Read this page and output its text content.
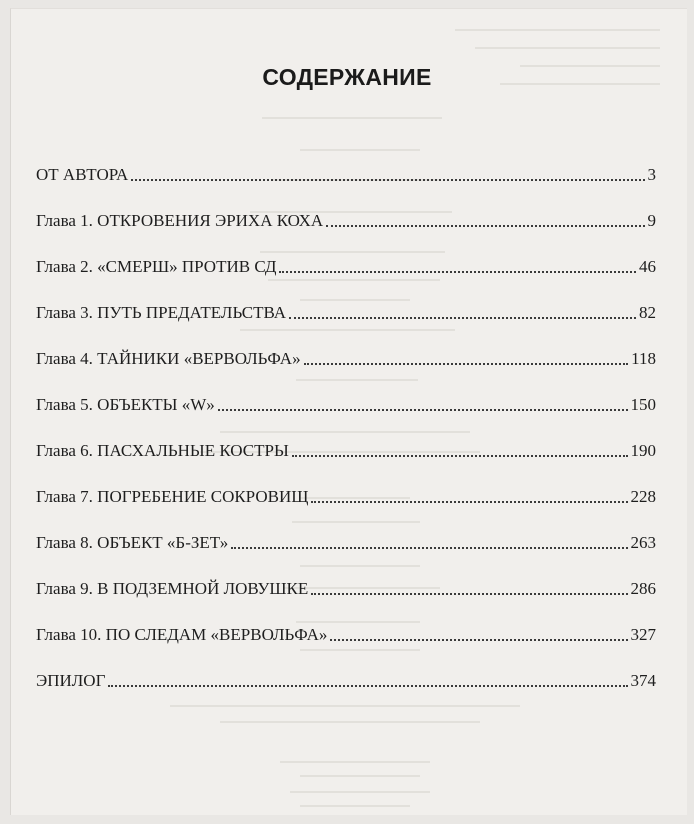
СОДЕРЖАНИЕ
ОТ АВТОРА	3
Глава 1. ОТКРОВЕНИЯ ЭРИХА КОХА	9
Глава 2. «СМЕРШ» ПРОТИВ СД	46
Глава 3. ПУТЬ ПРЕДАТЕЛЬСТВА	82
Глава 4. ТАЙНИКИ «ВЕРВОЛЬФА»	118
Глава 5. ОБЪЕКТЫ «W»	150
Глава 6. ПАСХАЛЬНЫЕ КОСТРЫ	190
Глава 7. ПОГРЕБЕНИЕ СОКРОВИЩ	228
Глава 8. ОБЪЕКТ «Б-ЗЕТ»	263
Глава 9. В ПОДЗЕМНОЙ ЛОВУШКЕ	286
Глава 10. ПО СЛЕДАМ «ВЕРВОЛЬФА»	327
ЭПИЛОГ	374
